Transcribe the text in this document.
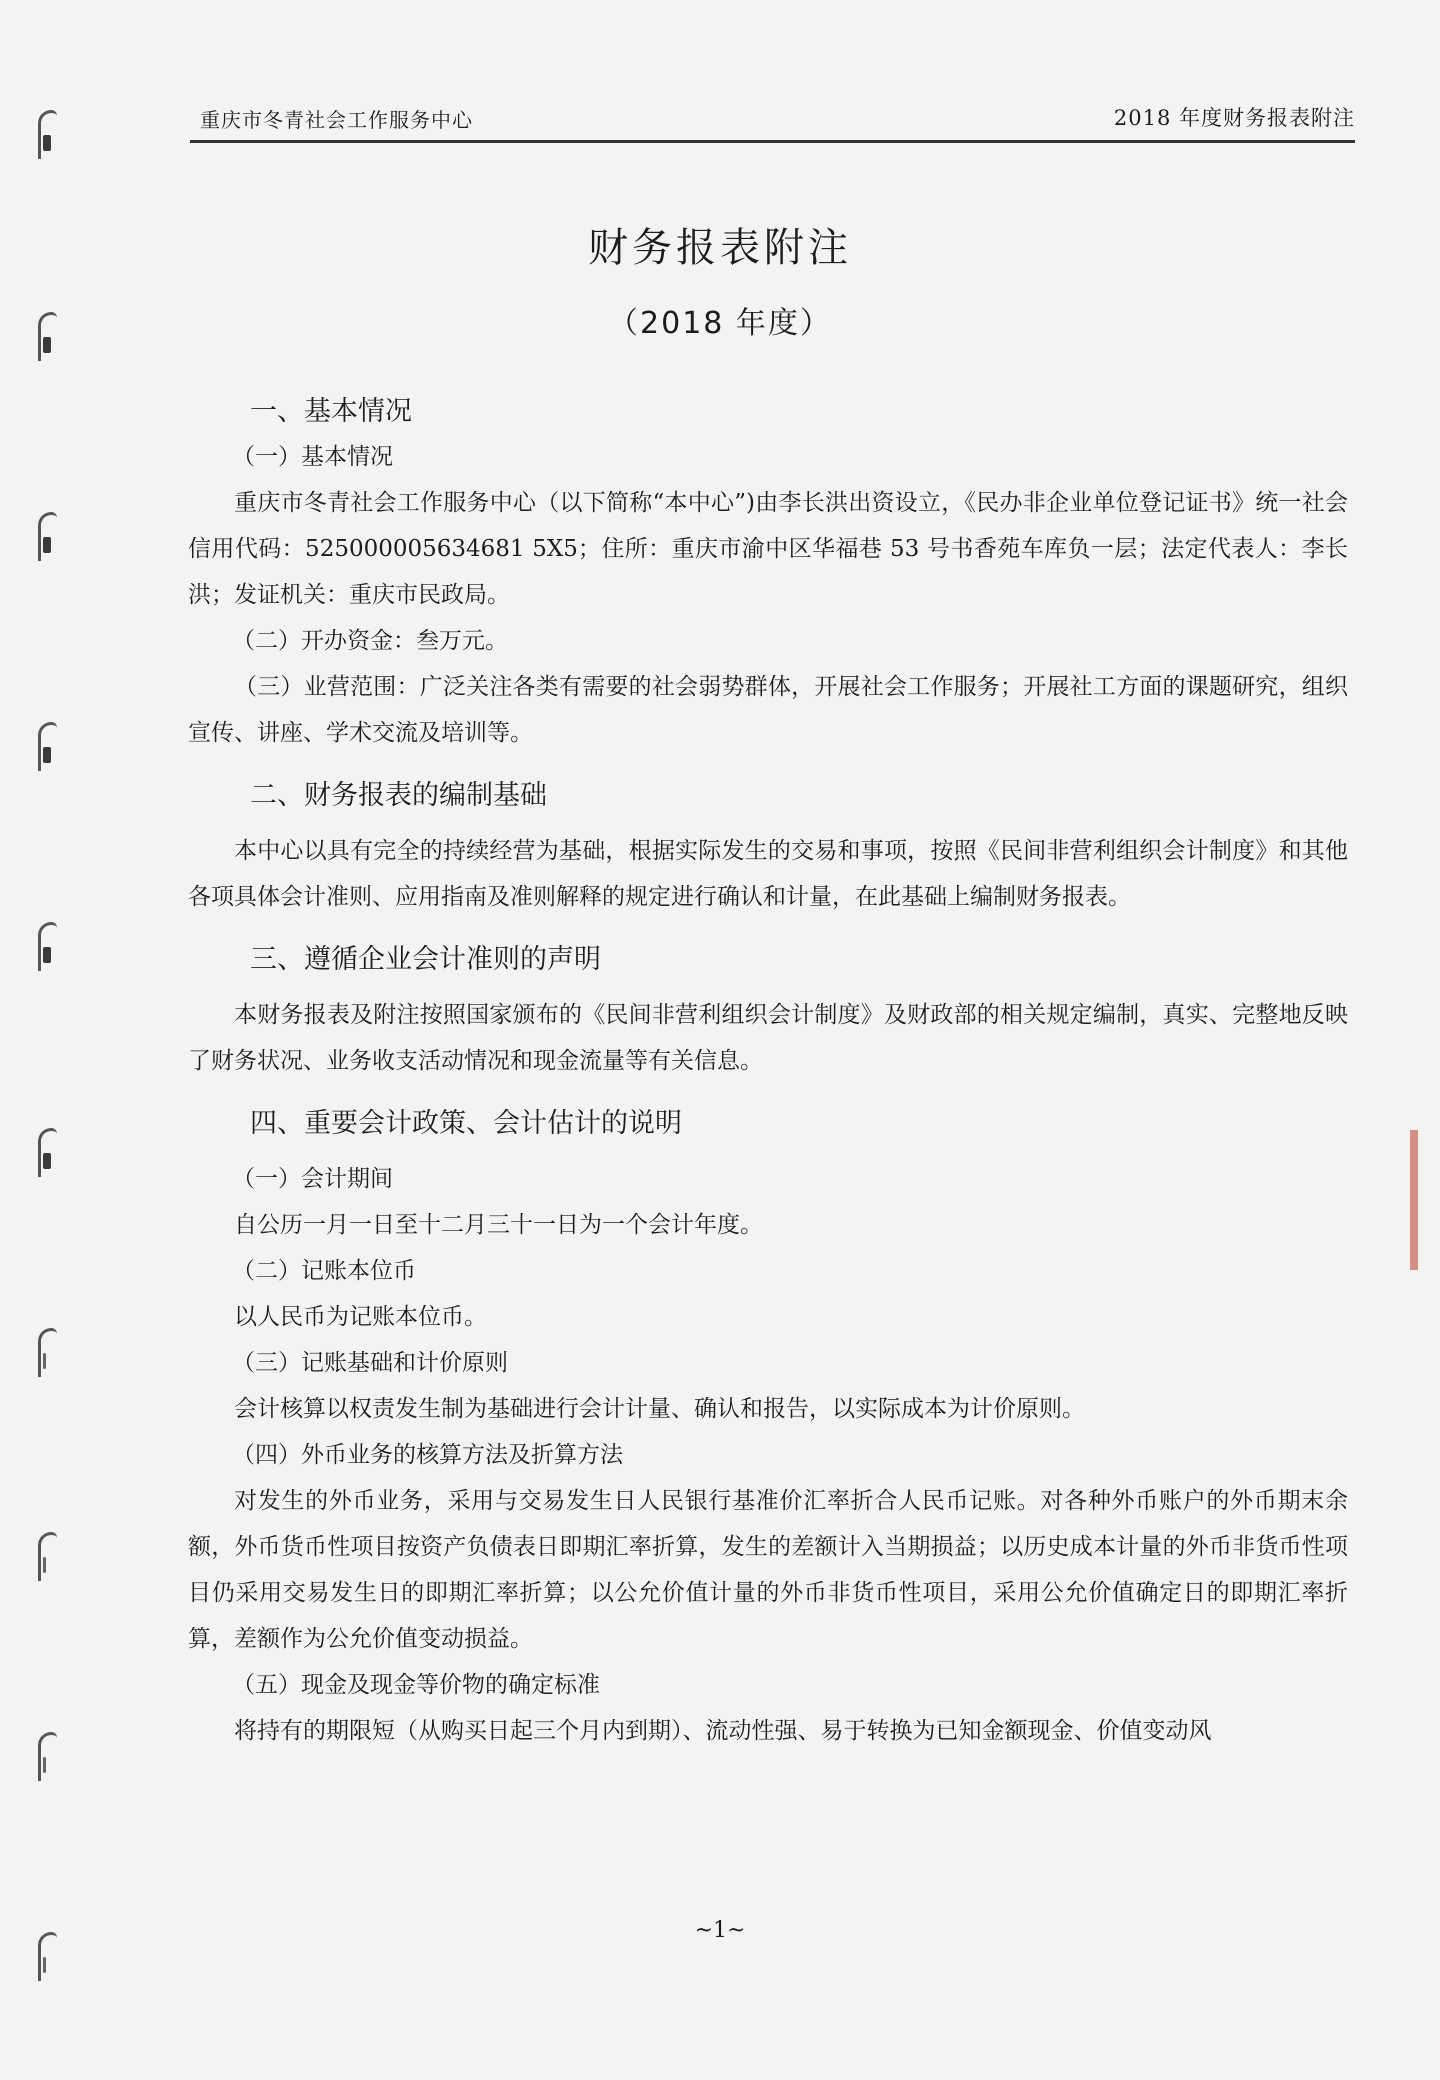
重庆市冬青社会工作服务中心	2018 年度财务报表附注
财务报表附注
（2018 年度）
一、基本情况
（一）基本情况

重庆市冬青社会工作服务中心（以下简称“本中心”)由李长洪出资设立，《民办非企业单位登记证书》统一社会信用代码：525000005634681 5X5；住所：重庆市渝中区华福巷 53 号书香苑车库负一层；法定代表人：李长洪；发证机关：重庆市民政局。

（二）开办资金：叁万元。

（三）业营范围：广泛关注各类有需要的社会弱势群体，开展社会工作服务；开展社工方面的课题研究，组织宣传、讲座、学术交流及培训等。

二、财务报表的编制基础

本中心以具有完全的持续经营为基础，根据实际发生的交易和事项，按照《民间非营利组织会计制度》和其他各项具体会计准则、应用指南及准则解释的规定进行确认和计量，在此基础上编制财务报表。

三、遵循企业会计准则的声明

本财务报表及附注按照国家颁布的《民间非营利组织会计制度》及财政部的相关规定编制，真实、完整地反映了财务状况、业务收支活动情况和现金流量等有关信息。

四、重要会计政策、会计估计的说明
（一）会计期间
自公历一月一日至十二月三十一日为一个会计年度。
（二）记账本位币
以人民币为记账本位币。
（三）记账基础和计价原则
会计核算以权责发生制为基础进行会计计量、确认和报告，以实际成本为计价原则。
（四）外币业务的核算方法及折算方法

对发生的外币业务，采用与交易发生日人民银行基准价汇率折合人民币记账。对各种外币账户的外币期末余额，外币货币性项目按资产负债表日即期汇率折算，发生的差额计入当期损益；以历史成本计量的外币非货币性项目仍采用交易发生日的即期汇率折算；以公允价值计量的外币非货币性项目，采用公允价值确定日的即期汇率折算，差额作为公允价值变动损益。

（五）现金及现金等价物的确定标准

将持有的期限短（从购买日起三个月内到期）、流动性强、易于转换为已知金额现金、价值变动风

~1~
